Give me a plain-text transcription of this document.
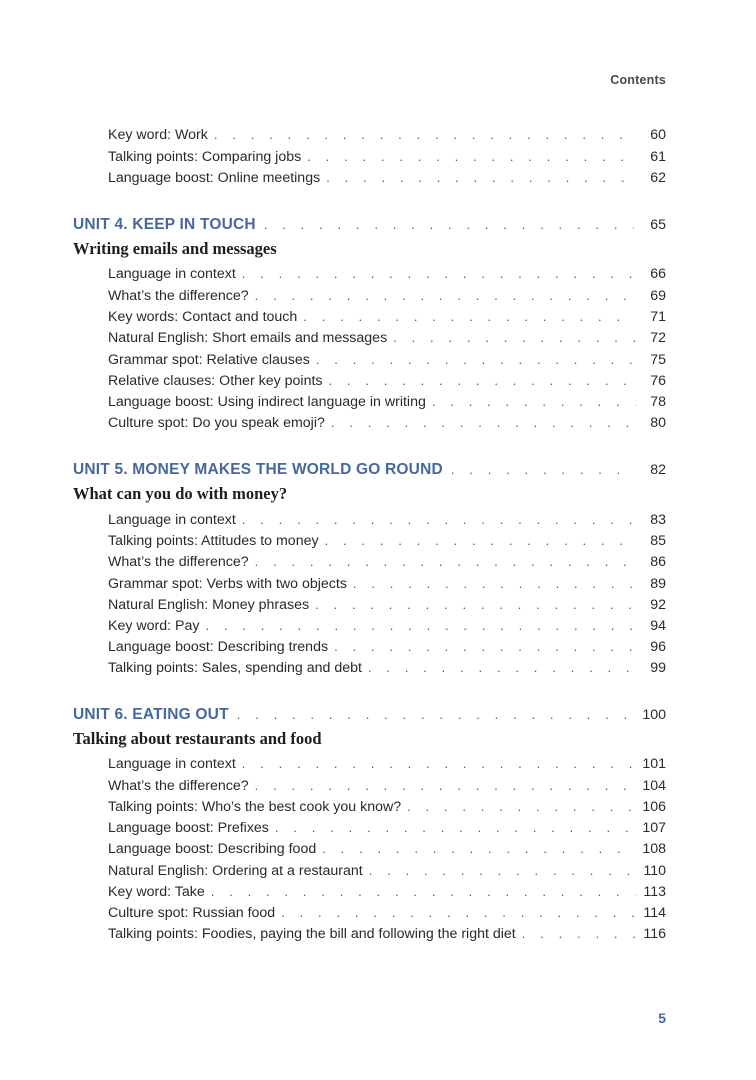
Contents
Key word: Work . . .	60
Talking points: Comparing jobs . . .	61
Language boost: Online meetings . . .	62
UNIT 4. KEEP IN TOUCH . . .	65
Writing emails and messages
Language in context . . .	66
What’s the difference? . . .	69
Key words: Contact and touch . . .	71
Natural English: Short emails and messages . . .	72
Grammar spot: Relative clauses . . .	75
Relative clauses: Other key points . . .	76
Language boost: Using indirect language in writing . . .	78
Culture spot: Do you speak emoji? . . .	80
UNIT 5. MONEY MAKES THE WORLD GO ROUND . . .	82
What can you do with money?
Language in context . . .	83
Talking points: Attitudes to money . . .	85
What’s the difference? . . .	86
Grammar spot: Verbs with two objects . . .	89
Natural English: Money phrases . . .	92
Key word: Pay . . .	94
Language boost: Describing trends . . .	96
Talking points: Sales, spending and debt . . .	99
UNIT 6. EATING OUT . . .	100
Talking about restaurants and food
Language in context . . .	101
What’s the difference? . . .	104
Talking points: Who’s the best cook you know? . . .	106
Language boost: Prefixes . . .	107
Language boost: Describing food . . .	108
Natural English: Ordering at a restaurant . . .	110
Key word: Take . . .	113
Culture spot: Russian food . . .	114
Talking points: Foodies, paying the bill and following the right diet . . .	116
5
